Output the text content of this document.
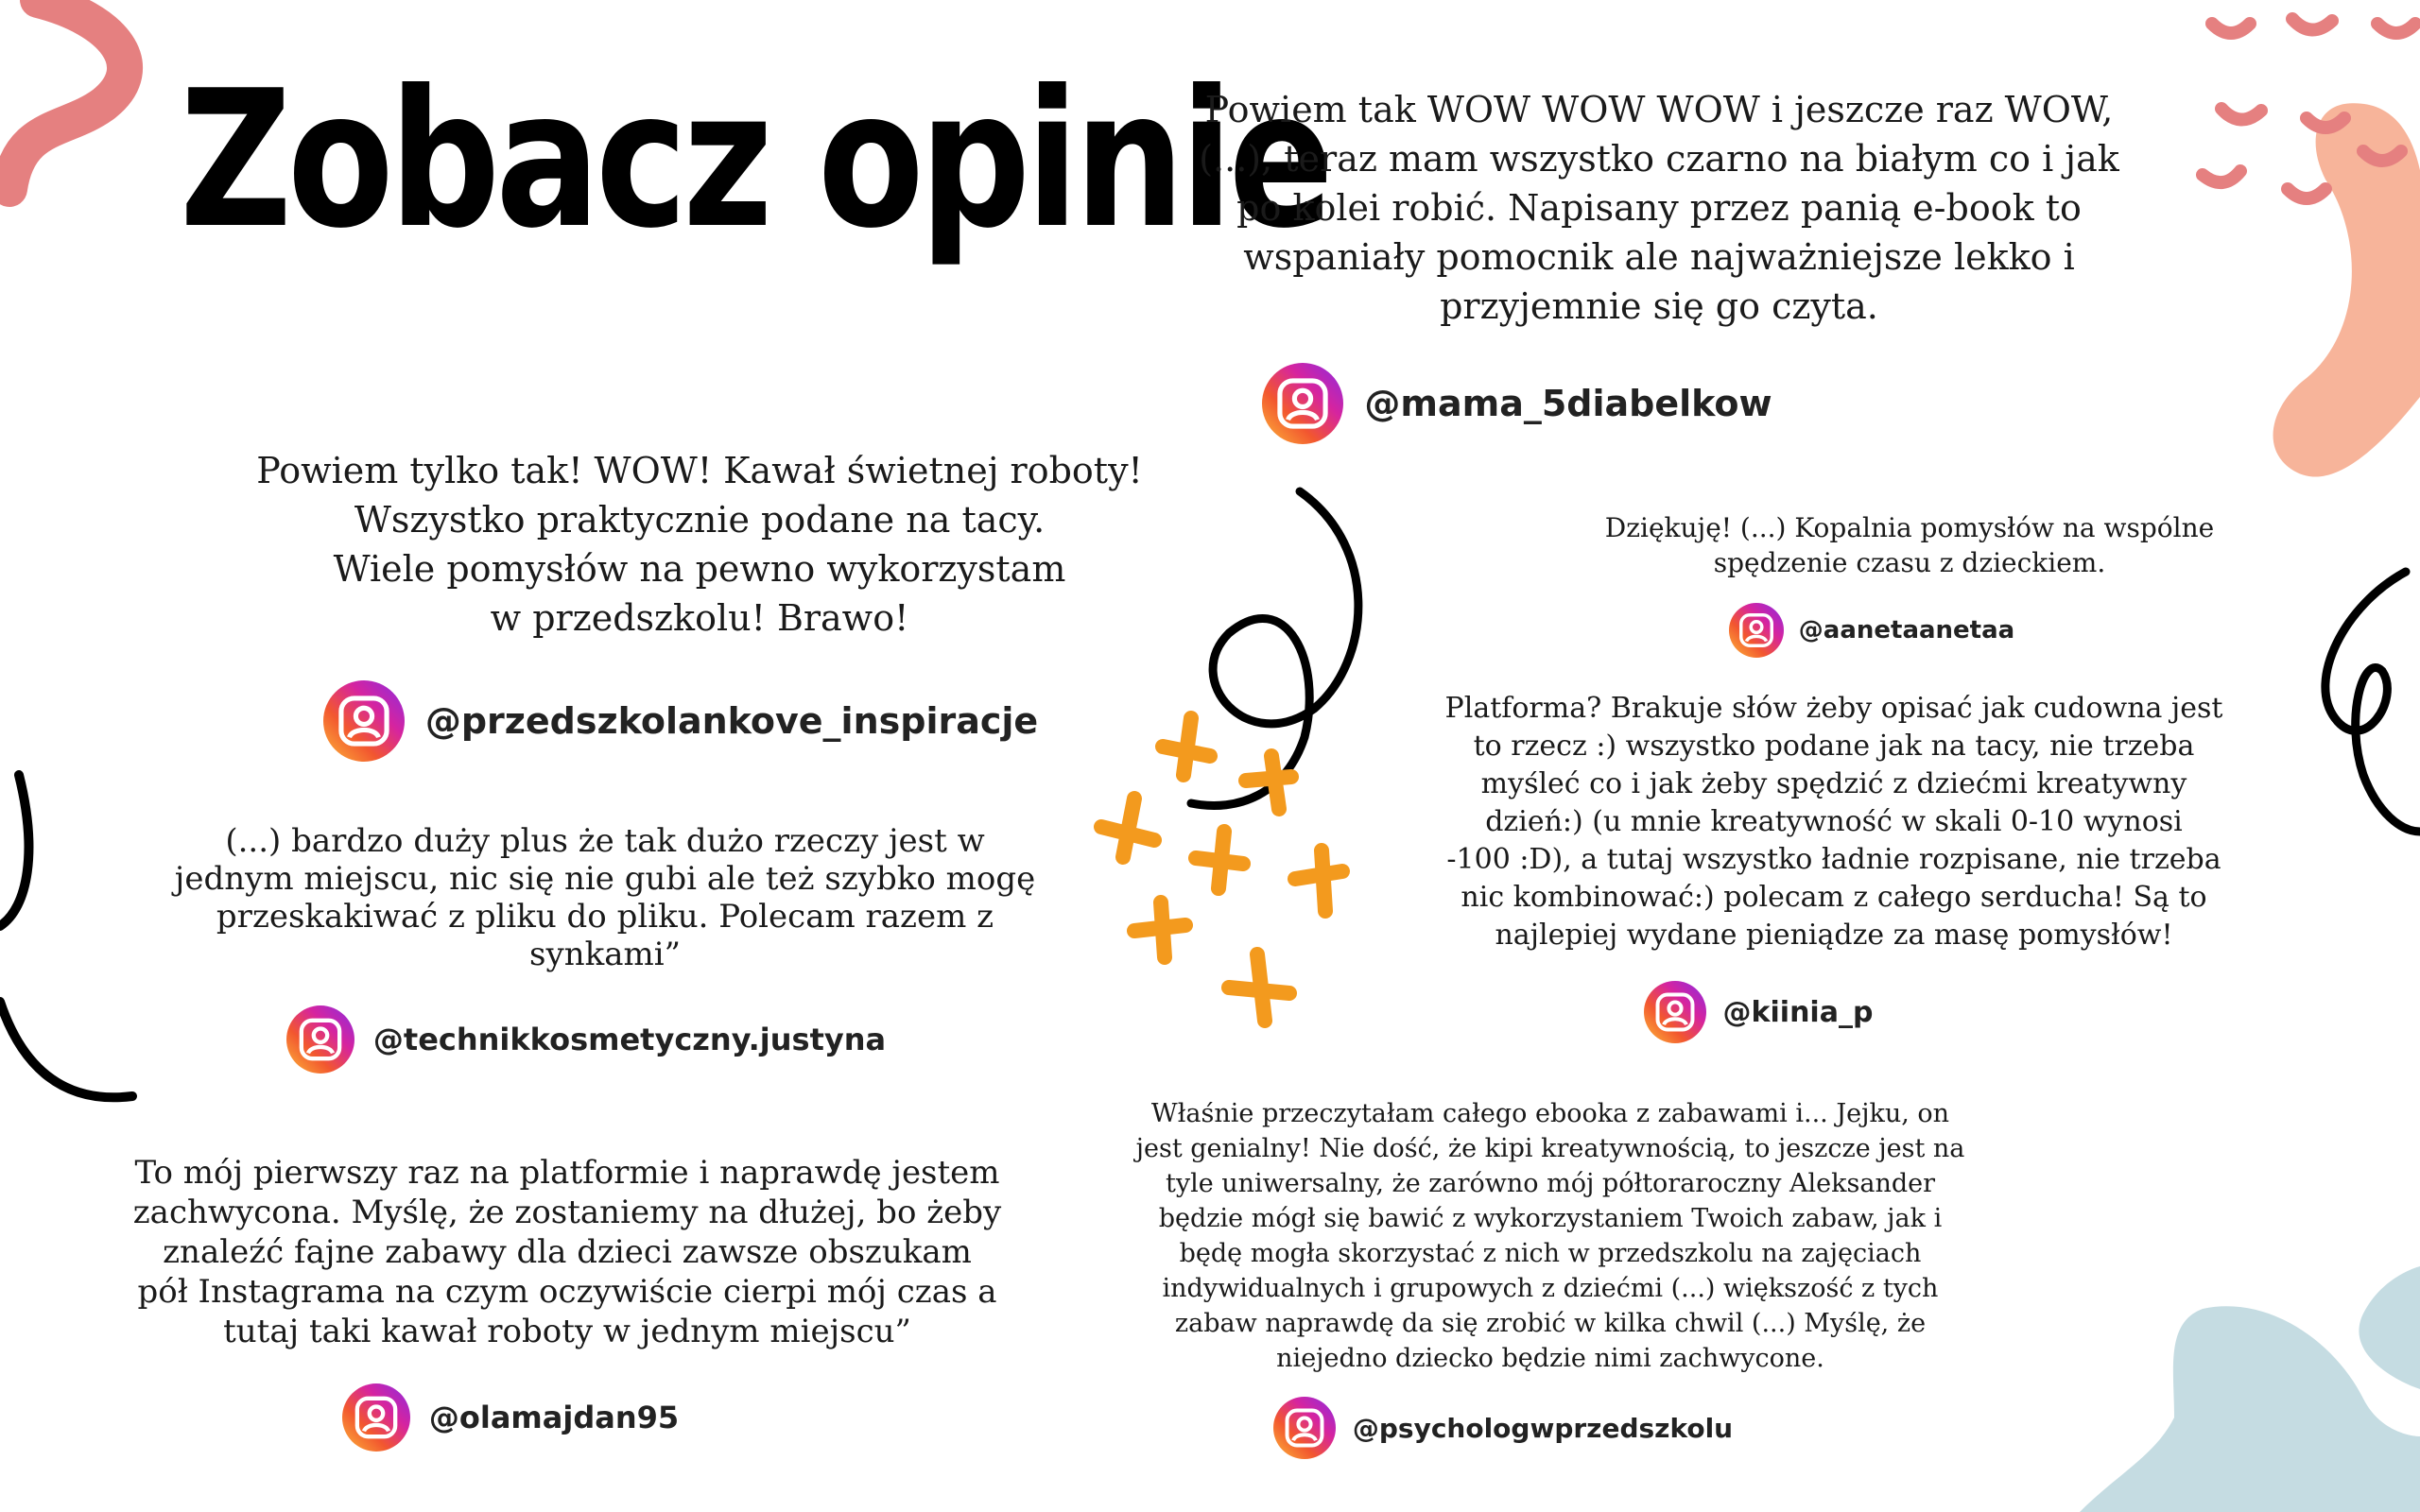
Zobacz opinie

Powiem tak WOW WOW WOW i jeszcze raz WOW,
(...), teraz mam wszystko czarno na białym co i jak
po kolei robić. Napisany przez panią e-book to
wspaniały pomocnik ale najważniejsze lekko i
przyjemnie się go czyta.

@mama_5diabelkow

Powiem tylko tak! WOW! Kawał świetnej roboty!
Wszystko praktycznie podane na tacy.
Wiele pomysłów na pewno wykorzystam
w przedszkolu! Brawo!

@przedszkolankove_inspiracje

(...) bardzo duży plus że tak dużo rzeczy jest w
jednym miejscu, nic się nie gubi ale też szybko mogę
przeskakiwać z pliku do pliku. Polecam razem z
synkami”

@technikkosmetyczny.justyna

To mój pierwszy raz na platformie i naprawdę jestem
zachwycona. Myślę, że zostaniemy na dłużej, bo żeby
znaleźć fajne zabawy dla dzieci zawsze obszukam
pół Instagrama na czym oczywiście cierpi mój czas a
tutaj taki kawał roboty w jednym miejscu”

@olamajdan95

Dziękuję! (...) Kopalnia pomysłów na wspólne
spędzenie czasu z dzieckiem.

@aanetaanetaa

Platforma? Brakuje słów żeby opisać jak cudowna jest
to rzecz :) wszystko podane jak na tacy, nie trzeba
myśleć co i jak żeby spędzić z dziećmi kreatywny
dzień:) (u mnie kreatywność w skali 0-10 wynosi
-100 :D), a tutaj wszystko ładnie rozpisane, nie trzeba
nic kombinować:) polecam z całego serducha! Są to
najlepiej wydane pieniądze za masę pomysłów!

@kiinia_p

Właśnie przeczytałam całego ebooka z zabawami i... Jejku, on
jest genialny! Nie dość, że kipi kreatywnością, to jeszcze jest na
tyle uniwersalny, że zarówno mój półtoraroczny Aleksander
będzie mógł się bawić z wykorzystaniem Twoich zabaw, jak i
będę mogła skorzystać z nich w przedszkolu na zajęciach
indywidualnych i grupowych z dziećmi (...) większość z tych
zabaw naprawdę da się zrobić w kilka chwil (...) Myślę, że
niejedno dziecko będzie nimi zachwycone.

@psychologwprzedszkolu
